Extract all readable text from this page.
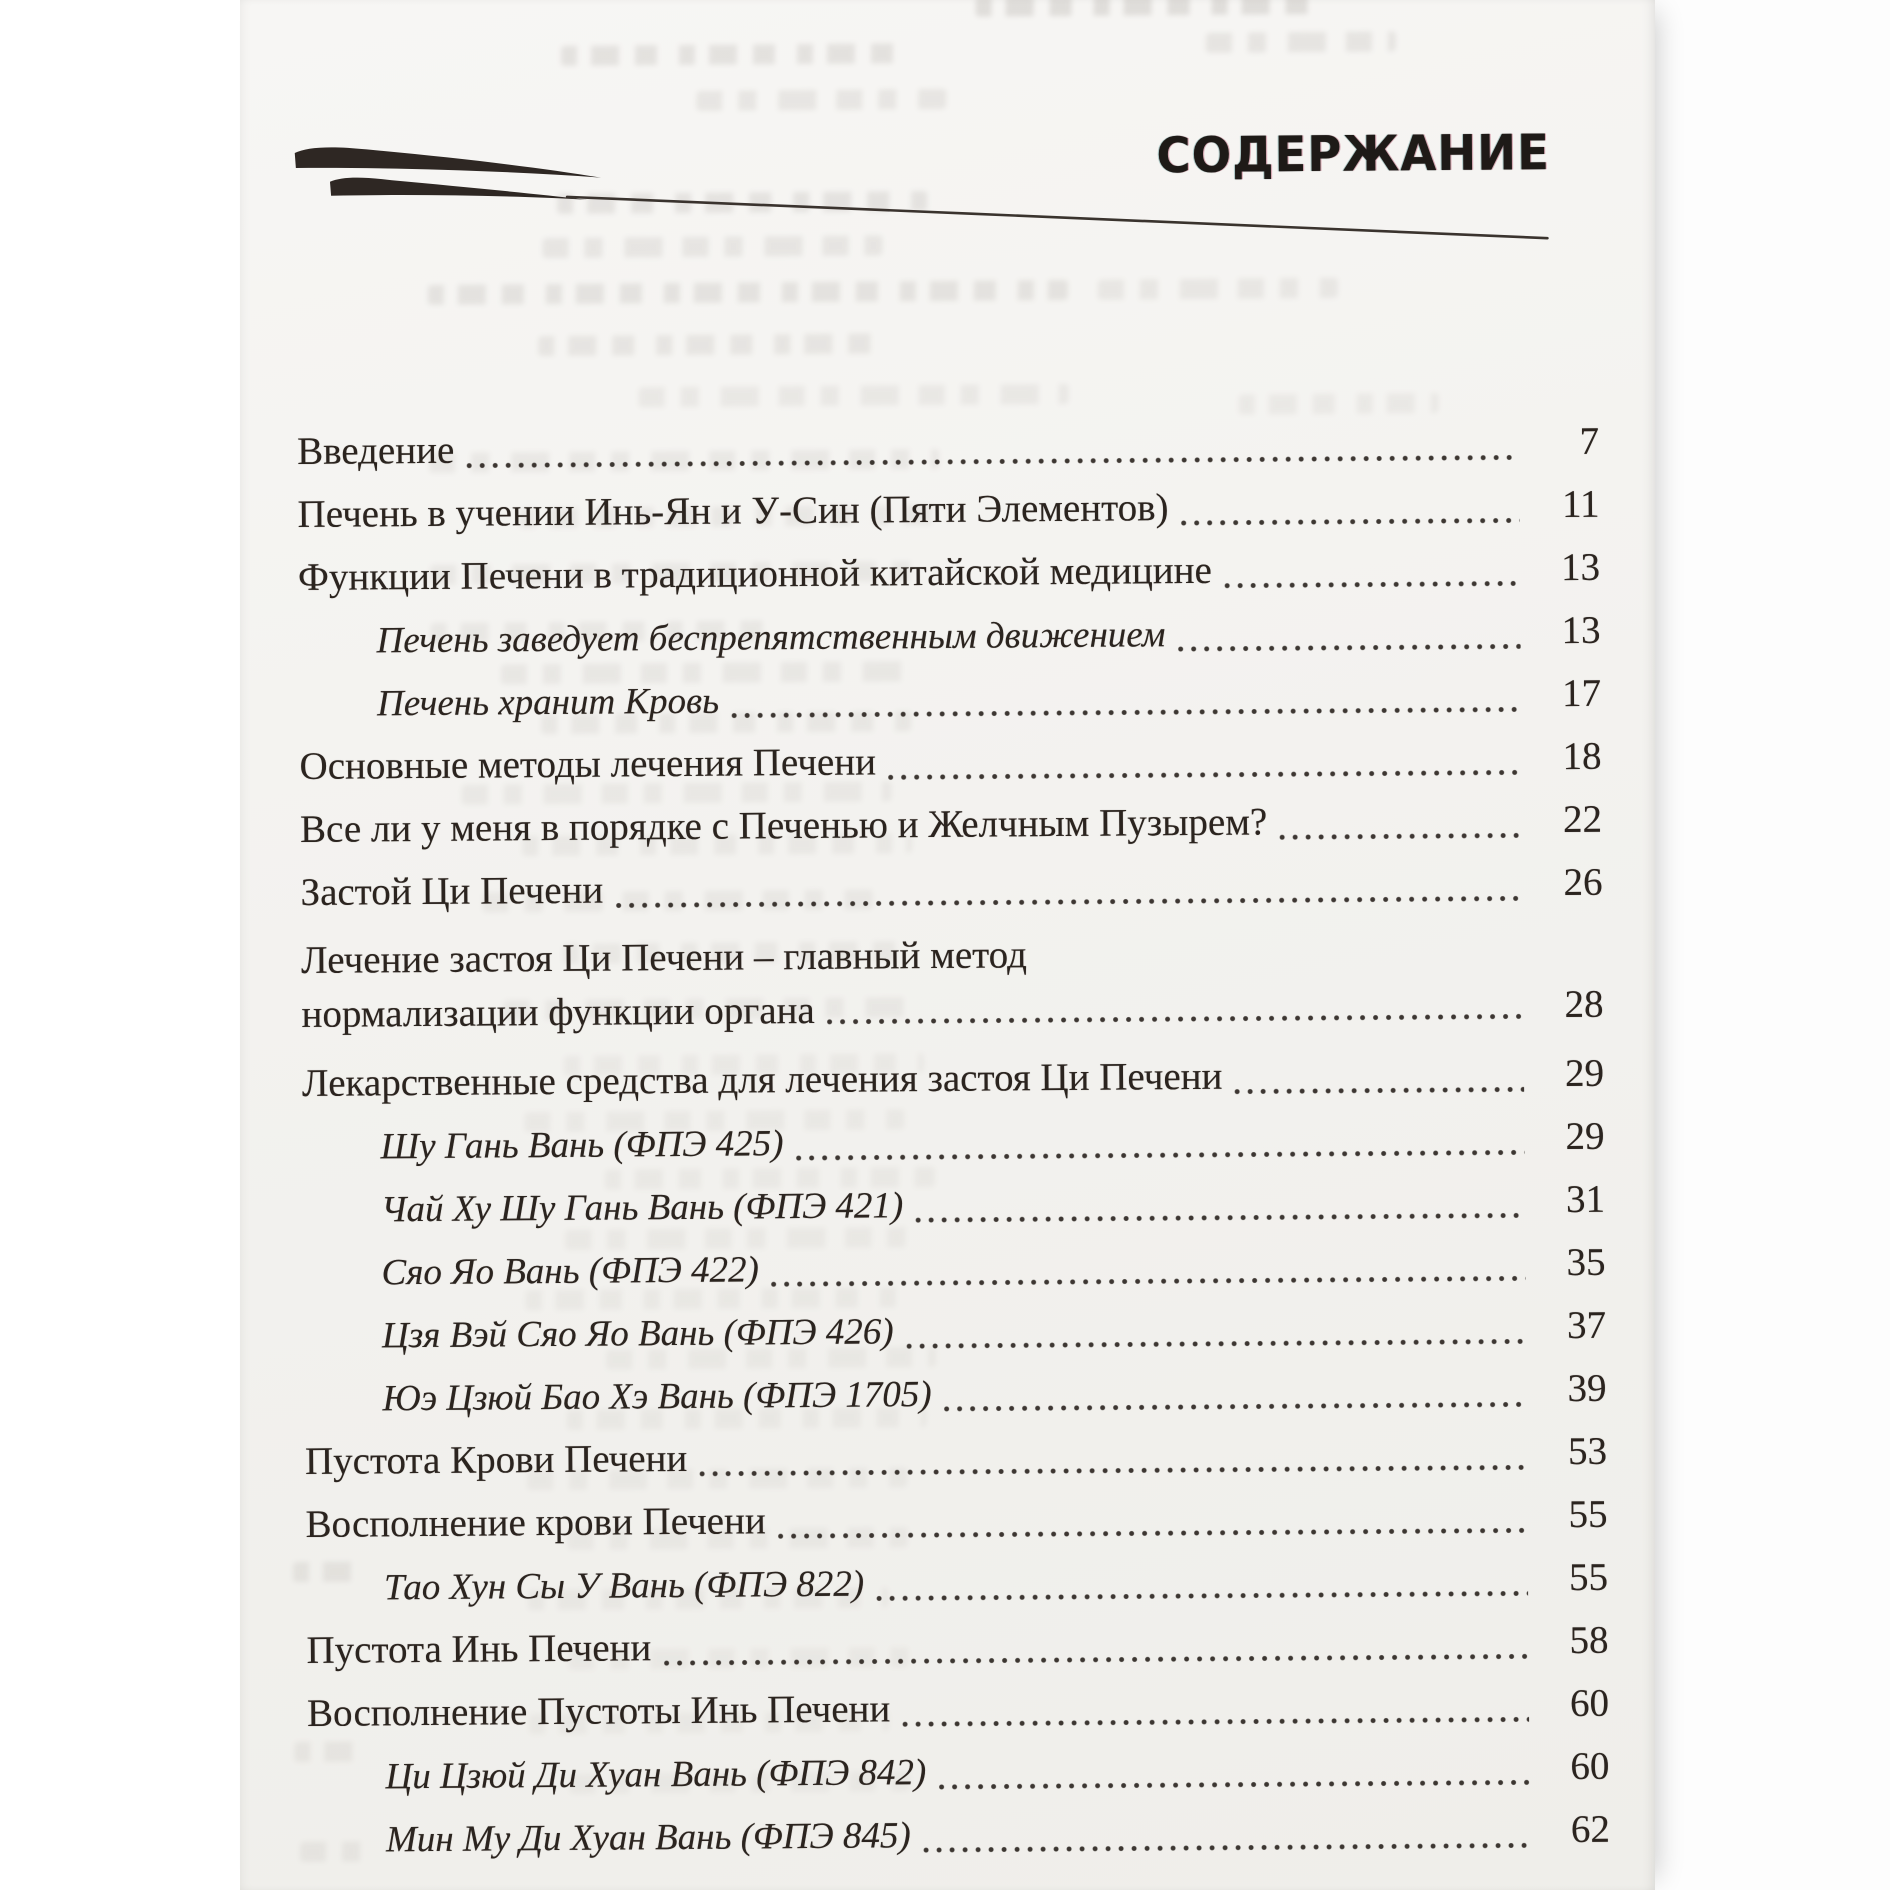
СОДЕРЖАНИЕ
Введение	7
Печень в учении Инь-Ян и У-Син (Пяти Элементов)	11
Функции Печени в традиционной китайской медицине	13
Печень заведует беспрепятственным движением	13
Печень хранит Кровь	17
Основные методы лечения Печени	18
Все ли у меня в порядке с Печенью и Желчным Пузырем?	22
Застой Ци Печени	26
Лечение застоя Ци Печени – главный метод
нормализации функции органа	28
Лекарственные средства для лечения застоя Ци Печени	29
Шу Гань Вань (ФПЭ 425)	29
Чай Ху Шу Гань Вань (ФПЭ 421)	31
Сяо Яо Вань (ФПЭ 422)	35
Цзя Вэй Сяо Яо Вань (ФПЭ 426)	37
Юэ Цзюй Бао Хэ Вань (ФПЭ 1705)	39
Пустота Крови Печени	53
Восполнение крови Печени	55
Тао Хун Сы У Вань (ФПЭ 822)	55
Пустота Инь Печени	58
Восполнение Пустоты Инь Печени	60
Ци Цзюй Ди Хуан Вань (ФПЭ 842)	60
Мин Му Ди Хуан Вань (ФПЭ 845)	62
